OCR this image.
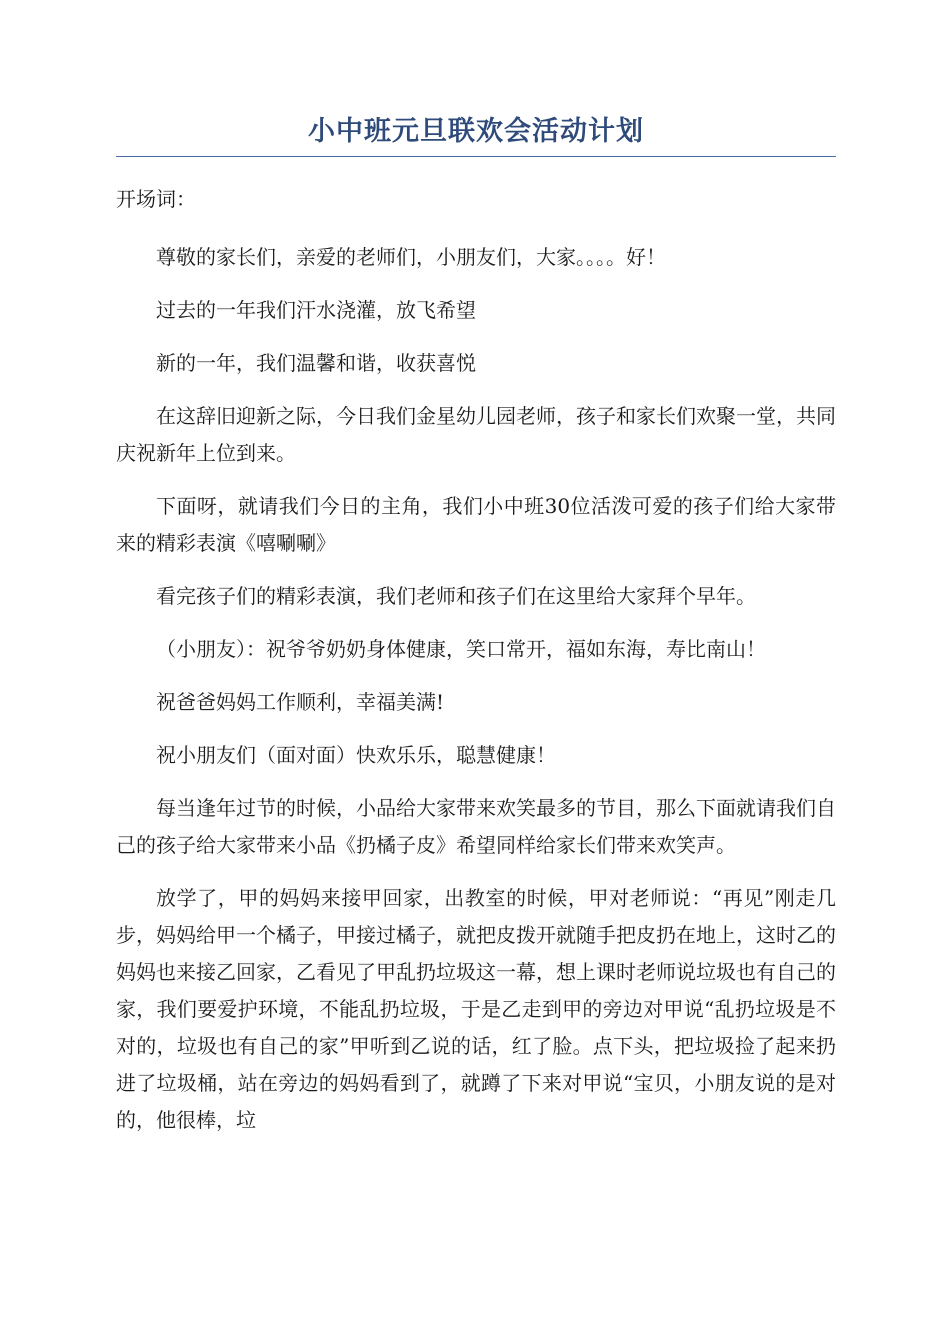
小中班元旦联欢会活动计划

开场词：

尊敬的家长们，亲爱的老师们，小朋友们，大家。。。。好！

过去的一年我们汗水浇灌，放飞希望

新的一年，我们温馨和谐，收获喜悦

在这辞旧迎新之际，今日我们金星幼儿园老师，孩子和家长们欢聚一堂，共同庆祝新年上位到来。

下面呀，就请我们今日的主角，我们小中班30位活泼可爱的孩子们给大家带来的精彩表演《嘻唰唰》

看完孩子们的精彩表演，我们老师和孩子们在这里给大家拜个早年。

（小朋友）：祝爷爷奶奶身体健康，笑口常开，福如东海，寿比南山！

祝爸爸妈妈工作顺利，幸福美满!

祝小朋友们（面对面）快欢乐乐，聪慧健康！

每当逢年过节的时候，小品给大家带来欢笑最多的节目，那么下面就请我们自己的孩子给大家带来小品《扔橘子皮》希望同样给家长们带来欢笑声。

放学了，甲的妈妈来接甲回家，出教室的时候，甲对老师说：“再见”刚走几步，妈妈给甲一个橘子，甲接过橘子，就把皮拨开就随手把皮扔在地上，这时乙的妈妈也来接乙回家，乙看见了甲乱扔垃圾这一幕，想上课时老师说垃圾也有自己的家，我们要爱护环境，不能乱扔垃圾，于是乙走到甲的旁边对甲说“乱扔垃圾是不对的，垃圾也有自己的家”甲听到乙说的话，红了脸。点下头，把垃圾捡了起来扔进了垃圾桶，站在旁边的妈妈看到了，就蹲了下来对甲说“宝贝，小朋友说的是对的，他很棒，垃
